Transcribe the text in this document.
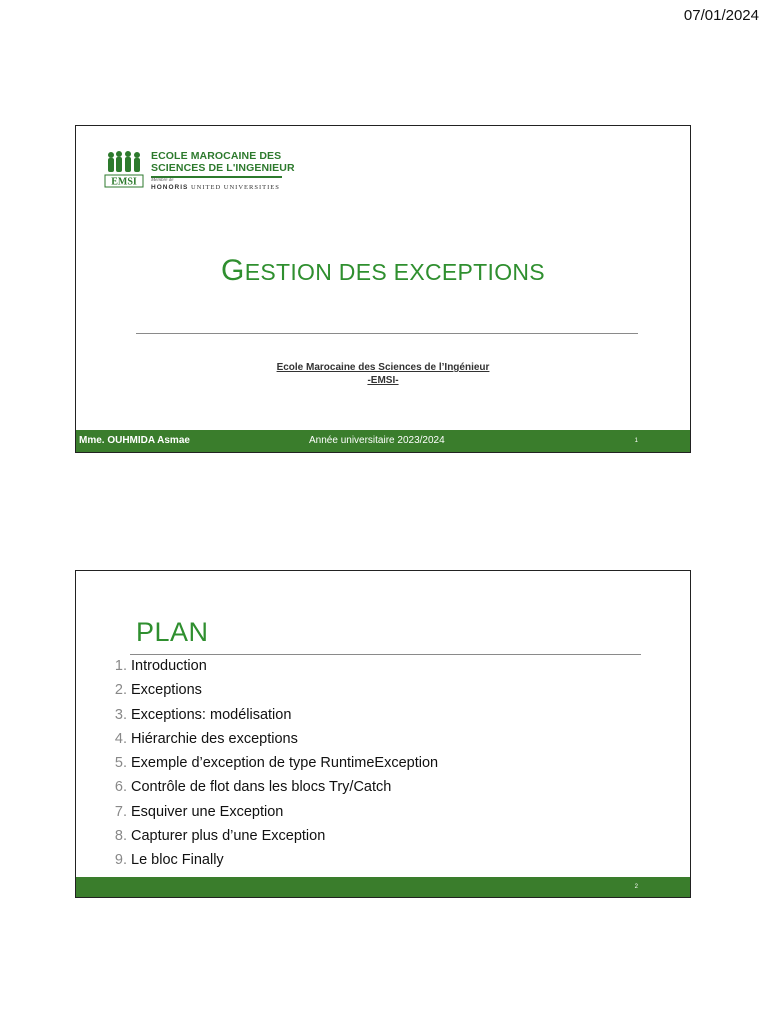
07/01/2024
EMSI
ECOLE MAROCAINE DES
SCIENCES DE L'INGENIEUR
Membre de
HONORIS UNITED UNIVERSITIES
GESTION DES EXCEPTIONS
Ecole Marocaine des Sciences de l’Ingénieur
-EMSI-
Mme. OUHMIDA Asmae	Année universitaire 2023/2024	1
PLAN
1. Introduction
2. Exceptions
3. Exceptions: modélisation
4. Hiérarchie des exceptions
5. Exemple d’exception de type RuntimeException
6. Contrôle de flot dans les blocs Try/Catch
7. Esquiver une Exception
8. Capturer plus d’une Exception
9. Le bloc Finally
2
